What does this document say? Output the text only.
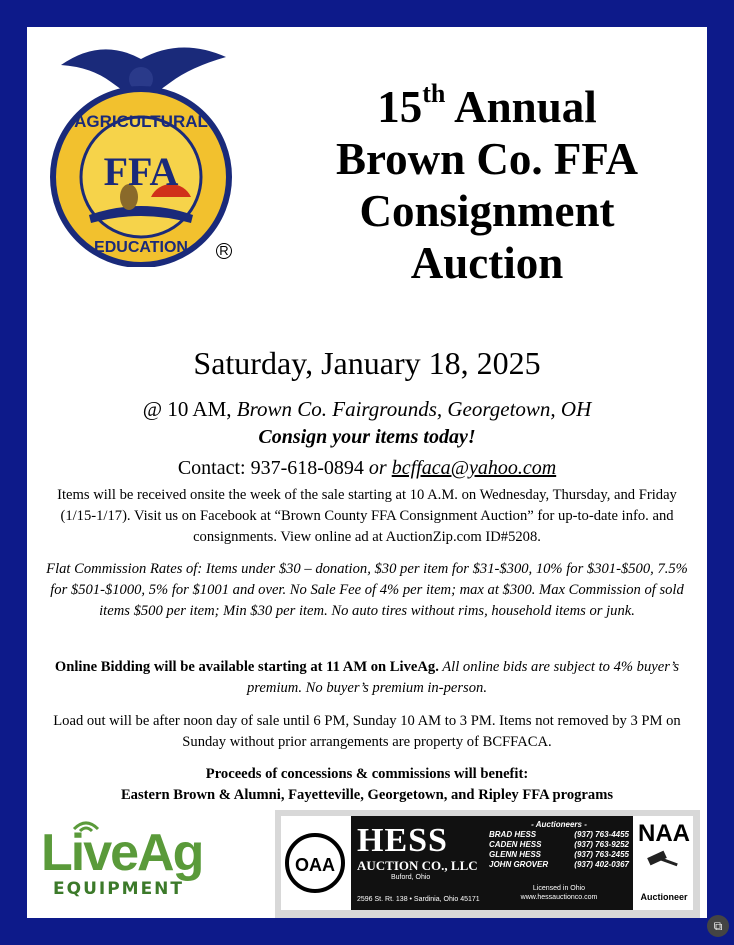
AGRICULTURAL
FFA
EDUCATION R
15th Annual
Brown Co. FFA
Consignment
Auction
Saturday, January 18, 2025
@ 10 AM, Brown Co. Fairgrounds, Georgetown, OH
Consign your items today!
Contact: 937-618-0894 or bcffaca@yahoo.com
Items will be received onsite the week of the sale starting at 10 A.M. on Wednesday, Thursday, and Friday (1/15-1/17). Visit us on Facebook at “Brown County FFA Consignment Auction” for up-to-date info. and consignments. View online ad at AuctionZip.com ID#5208.
Flat Commission Rates of: Items under $30 – donation, $30 per item for $31-$300, 10% for $301-$500, 7.5% for $501-$1000, 5% for $1001 and over. No Sale Fee of 4% per item; max at $300. Max Commission of sold items $500 per item; Min $30 per item. No auto tires without rims, household items or junk.
Online Bidding will be available starting at 11 AM on LiveAg. All online bids are subject to 4% buyer’s premium. No buyer’s premium in-person.
Load out will be after noon day of sale until 6 PM, Sunday 10 AM to 3 PM. Items not removed by 3 PM on Sunday without prior arrangements are property of BCFFACA.
Proceeds of concessions & commissions will benefit:
Eastern Brown & Alumni, Fayetteville, Georgetown, and Ripley FFA programs
LiveAg
EQUIPMENT
OAA
HESS
AUCTION CO., LLC
Buford, Ohio
2596 St. Rt. 138 • Sardinia, Ohio 45171
- Auctioneers -
BRAD HESS	(937) 763-4455
CADEN HESS	(937) 763-9252
GLENN HESS	(937) 763-2455
JOHN GROVER	(937) 402-0367
Licensed in Ohio
www.hessauctionco.com
NAA
Auctioneer
⧉
